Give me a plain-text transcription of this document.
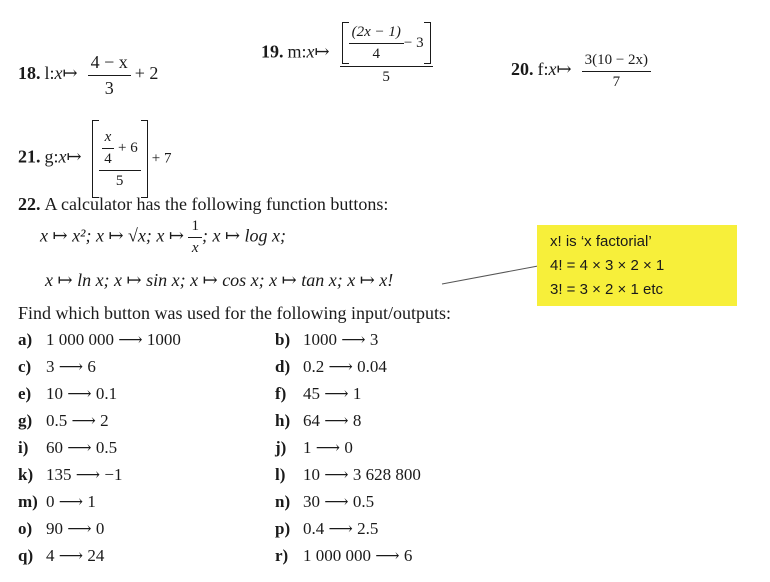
18. l:x↦ $\frac{4 - x}{3} + 2$
19. m:x↦ $\frac{(2x - 1)}{4} - 3$
5	20. f:x↦ $\frac{3(10 - 2x)}{7}$
21. g:x↦ $\frac{\frac{x}{4} + 6}{5} + 7$
22. A calculator has the following function buttons:
x ↦ x²; x ↦ √x; x ↦ $\frac{1}{x}$ ; x ↦ log x;
x ↦ ln x; x ↦ sin x; x ↦ cos x; x ↦ tan x; x ↦ x!
x! is ‘x factorial’
4! = 4 × 3 × 2 × 1
3! = 3 × 2 × 1 etc
Find which button was used for the following input/outputs:
a) 1 000 000 ⟶ 1000	b) 1000 ⟶ 3
c) 3 ⟶ 6	d) 0.2 ⟶ 0.04
e) 10 ⟶ 0.1	f) 45 ⟶ 1
g) 0.5 ⟶ 2	h) 64 ⟶ 8
i) 60 ⟶ 0.5	j) 1 ⟶ 0
k) 135 ⟶ −1	l) 10 ⟶ 3 628 800
m) 0 ⟶ 1	n) 30 ⟶ 0.5
o) 90 ⟶ 0	p) 0.4 ⟶ 2.5
q) 4 ⟶ 24	r) 1 000 000 ⟶ 6
